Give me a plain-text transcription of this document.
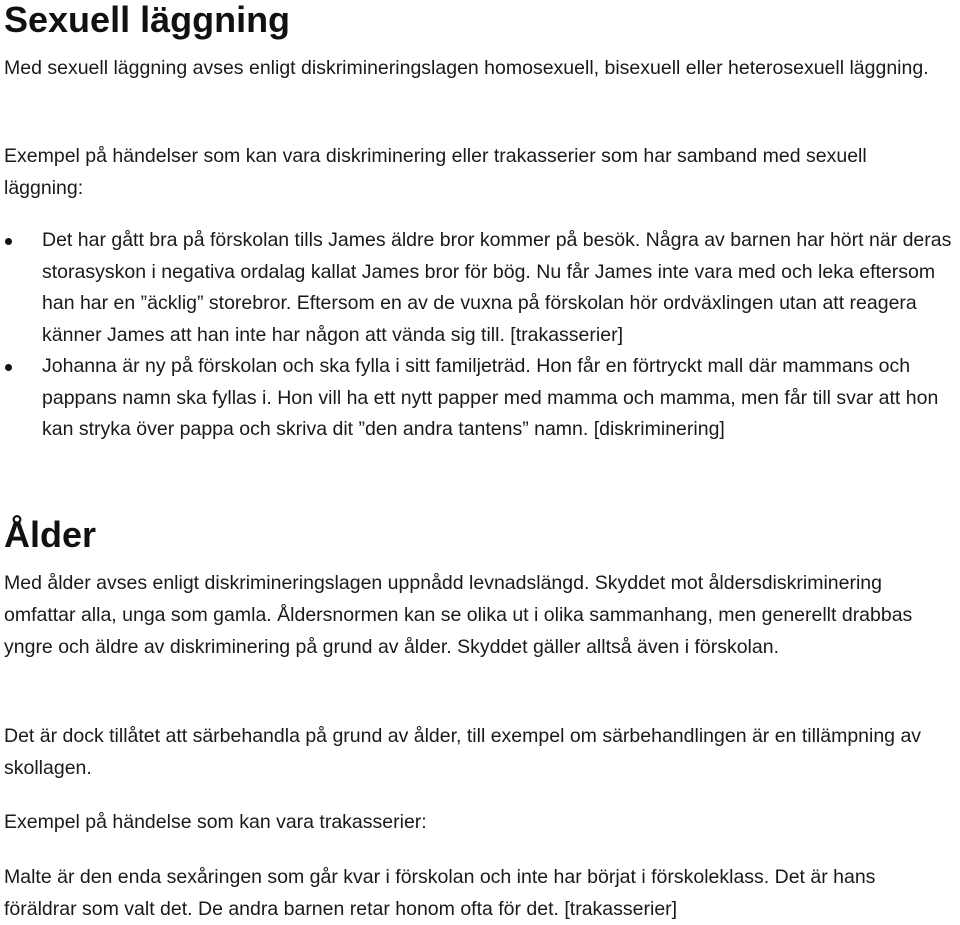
Sexuell läggning

Med sexuell läggning avses enligt diskrimineringslagen homosexuell, bisexuell eller heterosexuell läggning.

Exempel på händelser som kan vara diskriminering eller trakasserier som har samband med sexuell läggning:

Det har gått bra på förskolan tills James äldre bror kommer på besök. Några av barnen har hört när deras storasyskon i negativa ordalag kallat James bror för bög. Nu får James inte vara med och leka eftersom han har en ”äcklig” storebror. Eftersom en av de vuxna på förskolan hör ordväxlingen utan att reagera känner James att han inte har någon att vända sig till. [trakasserier]
Johanna är ny på förskolan och ska fylla i sitt familjeträd. Hon får en förtryckt mall där mammans och pappans namn ska fyllas i. Hon vill ha ett nytt papper med mamma och mamma, men får till svar att hon kan stryka över pappa och skriva dit ”den andra tantens” namn. [diskriminering]
Ålder

Med ålder avses enligt diskrimineringslagen uppnådd levnadslängd. Skyddet mot åldersdiskriminering omfattar alla, unga som gamla. Åldersnormen kan se olika ut i olika sammanhang, men generellt drabbas yngre och äldre av diskriminering på grund av ålder. Skyddet gäller alltså även i förskolan.

Det är dock tillåtet att särbehandla på grund av ålder, till exempel om särbehandlingen är en tillämpning av skollagen.

Exempel på händelse som kan vara trakasserier:

Malte är den enda sexåringen som går kvar i förskolan och inte har börjat i förskoleklass. Det är hans föräldrar som valt det. De andra barnen retar honom ofta för det. [trakasserier]
